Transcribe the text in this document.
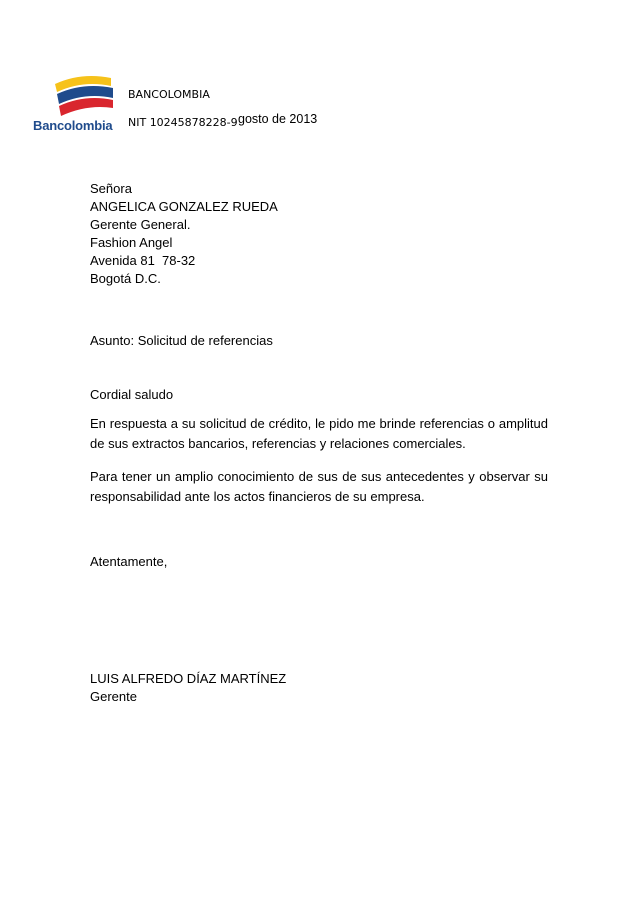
Bancolombia
BANCOLOMBIA
NIT 10245878228-9 gosto de 2013
Señora
ANGELICA GONZALEZ RUEDA
Gerente General.
Fashion Angel
Avenida 81  78-32
Bogotá D.C.
Asunto: Solicitud de referencias
Cordial saludo
En respuesta a su solicitud de crédito, le pido me brinde referencias o amplitud de sus extractos bancarios, referencias y relaciones comerciales.
Para tener un amplio conocimiento de sus de sus antecedentes y observar su responsabilidad ante los actos financieros de su empresa.
Atentamente,
LUIS ALFREDO DÍAZ MARTÍNEZ
Gerente
